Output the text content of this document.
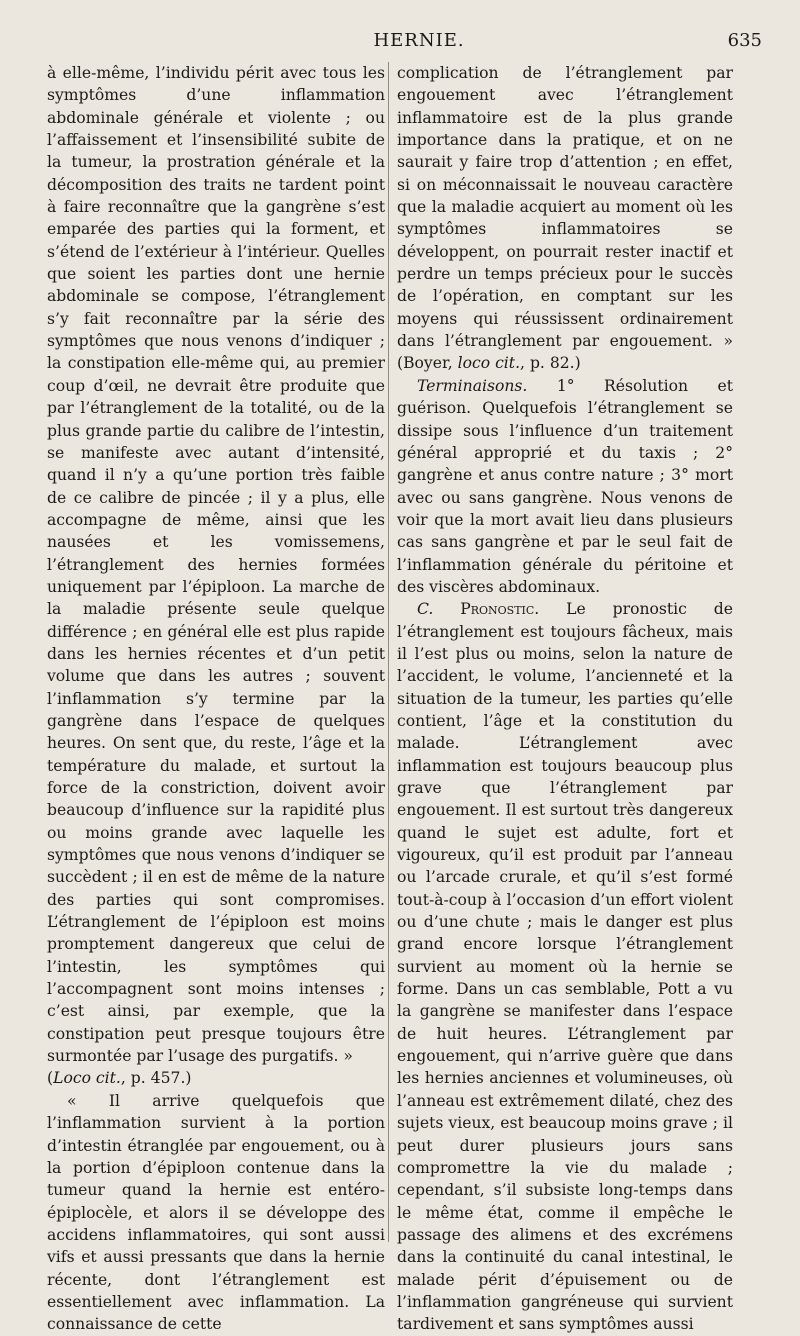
HERNIE.	635

à elle-même, l’individu périt avec tous les symptômes d’une inflammation abdominale générale et violente ; ou l’affaissement et l’insensibilité subite de la tumeur, la prostration générale et la décomposition des traits ne tardent point à faire reconnaître que la gangrène s’est emparée des parties qui la forment, et s’étend de l’extérieur à l’intérieur. Quelles que soient les parties dont une hernie abdominale se compose, l’étranglement s’y fait reconnaître par la série des symptômes que nous venons d’indiquer ; la constipation elle-même qui, au premier coup d’œil, ne devrait être produite que par l’étranglement de la totalité, ou de la plus grande partie du calibre de l’intestin, se manifeste avec autant d’intensité, quand il n’y a qu’une portion très faible de ce calibre de pincée ; il y a plus, elle accompagne de même, ainsi que les nausées et les vomissemens, l’étranglement des hernies formées uniquement par l’épiploon. La marche de la maladie présente seule quelque différence ; en général elle est plus rapide dans les hernies récentes et d’un petit volume que dans les autres ; souvent l’inflammation s’y termine par la gangrène dans l’espace de quelques heures. On sent que, du reste, l’âge et la température du malade, et surtout la force de la constriction, doivent avoir beaucoup d’influence sur la rapidité plus ou moins grande avec laquelle les symptômes que nous venons d’indiquer se succèdent ; il en est de même de la nature des parties qui sont compromises. L’étranglement de l’épiploon est moins promptement dangereux que celui de l’intestin, les symptômes qui l’accompagnent sont moins intenses ; c’est ainsi, par exemple, que la constipation peut presque toujours être surmontée par l’usage des purgatifs. »
(Loco cit., p. 457.)

« Il arrive quelquefois que l’inflammation survient à la portion d’intestin étranglée par engouement, ou à la portion d’épiploon contenue dans la tumeur quand la hernie est entéro-épiplocèle, et alors il se développe des accidens inflammatoires, qui sont aussi vifs et aussi pressants que dans la hernie récente, dont l’étranglement est essentiellement avec inflammation. La connaissance de cette

complication de l’étranglement par engouement avec l’étranglement inflammatoire est de la plus grande importance dans la pratique, et on ne saurait y faire trop d’attention ; en effet, si on méconnaissait le nouveau caractère que la maladie acquiert au moment où les symptômes inflammatoires se développent, on pourrait rester inactif et perdre un temps précieux pour le succès de l’opération, en comptant sur les moyens qui réussissent ordinairement dans l’étranglement par engouement. » (Boyer, loco cit., p. 82.)

Terminaisons. 1° Résolution et guérison. Quelquefois l’étranglement se dissipe sous l’influence d’un traitement général approprié et du taxis ; 2° gangrène et anus contre nature ; 3° mort avec ou sans gangrène. Nous venons de voir que la mort avait lieu dans plusieurs cas sans gangrène et par le seul fait de l’inflammation générale du péritoine et des viscères abdominaux.

C. Pronostic. Le pronostic de l’étranglement est toujours fâcheux, mais il l’est plus ou moins, selon la nature de l’accident, le volume, l’ancienneté et la situation de la tumeur, les parties qu’elle contient, l’âge et la constitution du malade. L’étranglement avec inflammation est toujours beaucoup plus grave que l’étranglement par engouement. Il est surtout très dangereux quand le sujet est adulte, fort et vigoureux, qu’il est produit par l’anneau ou l’arcade crurale, et qu’il s’est formé tout-à-coup à l’occasion d’un effort violent ou d’une chute ; mais le danger est plus grand encore lorsque l’étranglement survient au moment où la hernie se forme. Dans un cas semblable, Pott a vu la gangrène se manifester dans l’espace de huit heures. L’étranglement par engouement, qui n’arrive guère que dans les hernies anciennes et volumineuses, où l’anneau est extrêmement dilaté, chez des sujets vieux, est beaucoup moins grave ; il peut durer plusieurs jours sans compromettre la vie du malade ; cependant, s’il subsiste long-temps dans le même état, comme il empêche le passage des alimens et des excrémens dans la continuité du canal intestinal, le malade périt d’épuisement ou de l’inflammation gangréneuse qui survient tardivement et sans symptômes aussi
